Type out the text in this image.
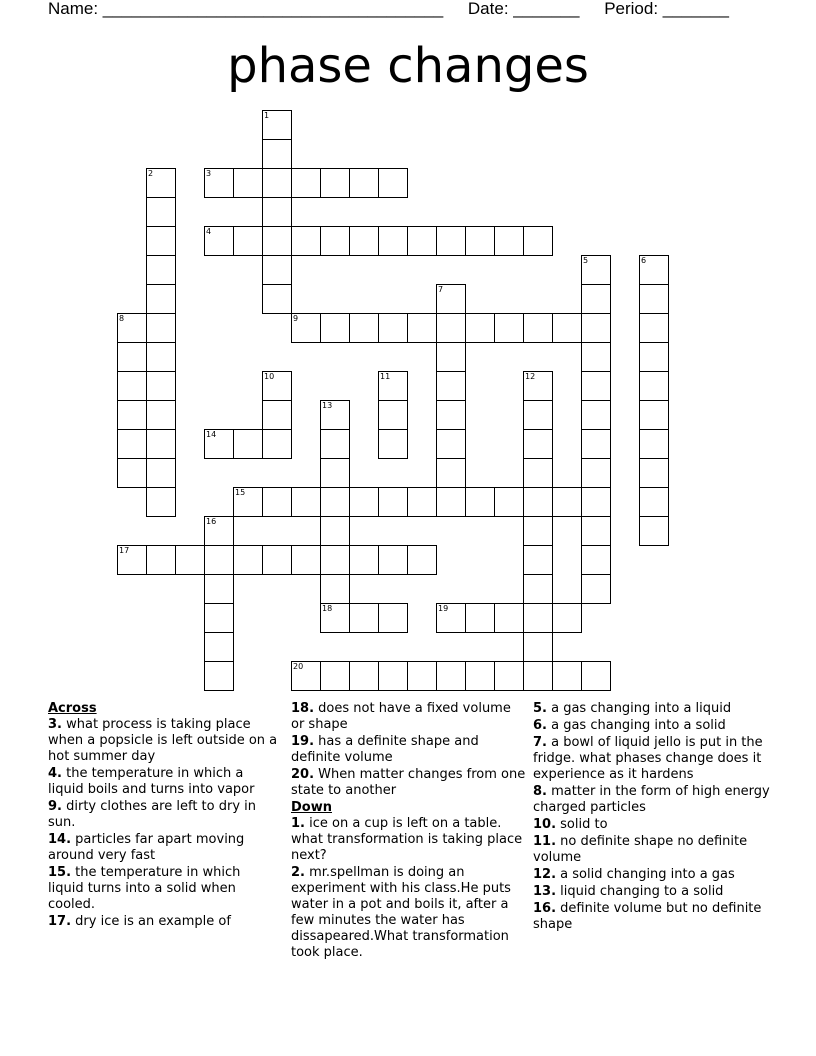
Name: ____________________________________ Date: _______ Period: _______
phase changes
1
2	3
4
5	6
7
8	9
10	11	12
13
14
15
16
17
18	19
20
Across
3. what process is taking place when a popsicle is left outside on a hot summer day
4. the temperature in which a liquid boils and turns into vapor
9. dirty clothes are left to dry in sun.
14. particles far apart moving around very fast
15. the temperature in which liquid turns into a solid when cooled.
17. dry ice is an example of
18. does not have a fixed volume or shape
19. has a definite shape and definite volume
20. When matter changes from one state to another
Down
1. ice on a cup is left on a table. what transformation is taking place next?
2. mr.spellman is doing an experiment with his class.He puts water in a pot and boils it, after a few minutes the water has dissapeared.What transformation took place.
5. a gas changing into a liquid
6. a gas changing into a solid
7. a bowl of liquid jello is put in the fridge. what phases change does it experience as it hardens
8. matter in the form of high energy charged particles
10. solid to
11. no definite shape no definite volume
12. a solid changing into a gas
13. liquid changing to a solid
16. definite volume but no definite shape
